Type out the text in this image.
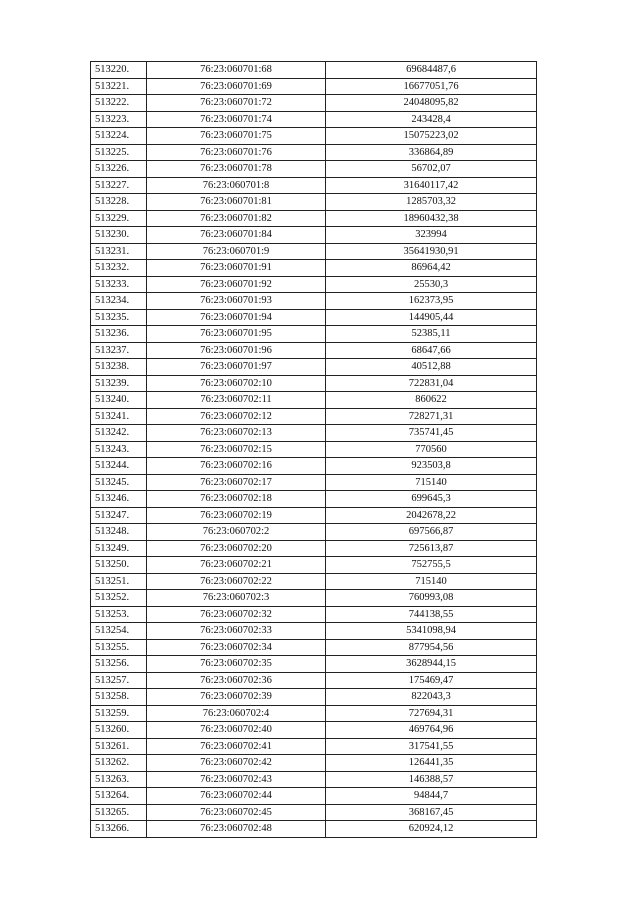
513220.	76:23:060701:68	69684487,6
513221.	76:23:060701:69	16677051,76
513222.	76:23:060701:72	24048095,82
513223.	76:23:060701:74	243428,4
513224.	76:23:060701:75	15075223,02
513225.	76:23:060701:76	336864,89
513226.	76:23:060701:78	56702,07
513227.	76:23:060701:8	31640117,42
513228.	76:23:060701:81	1285703,32
513229.	76:23:060701:82	18960432,38
513230.	76:23:060701:84	323994
513231.	76:23:060701:9	35641930,91
513232.	76:23:060701:91	86964,42
513233.	76:23:060701:92	25530,3
513234.	76:23:060701:93	162373,95
513235.	76:23:060701:94	144905,44
513236.	76:23:060701:95	52385,11
513237.	76:23:060701:96	68647,66
513238.	76:23:060701:97	40512,88
513239.	76:23:060702:10	722831,04
513240.	76:23:060702:11	860622
513241.	76:23:060702:12	728271,31
513242.	76:23:060702:13	735741,45
513243.	76:23:060702:15	770560
513244.	76:23:060702:16	923503,8
513245.	76:23:060702:17	715140
513246.	76:23:060702:18	699645,3
513247.	76:23:060702:19	2042678,22
513248.	76:23:060702:2	697566,87
513249.	76:23:060702:20	725613,87
513250.	76:23:060702:21	752755,5
513251.	76:23:060702:22	715140
513252.	76:23:060702:3	760993,08
513253.	76:23:060702:32	744138,55
513254.	76:23:060702:33	5341098,94
513255.	76:23:060702:34	877954,56
513256.	76:23:060702:35	3628944,15
513257.	76:23:060702:36	175469,47
513258.	76:23:060702:39	822043,3
513259.	76:23:060702:4	727694,31
513260.	76:23:060702:40	469764,96
513261.	76:23:060702:41	317541,55
513262.	76:23:060702:42	126441,35
513263.	76:23:060702:43	146388,57
513264.	76:23:060702:44	94844,7
513265.	76:23:060702:45	368167,45
513266.	76:23:060702:48	620924,12
